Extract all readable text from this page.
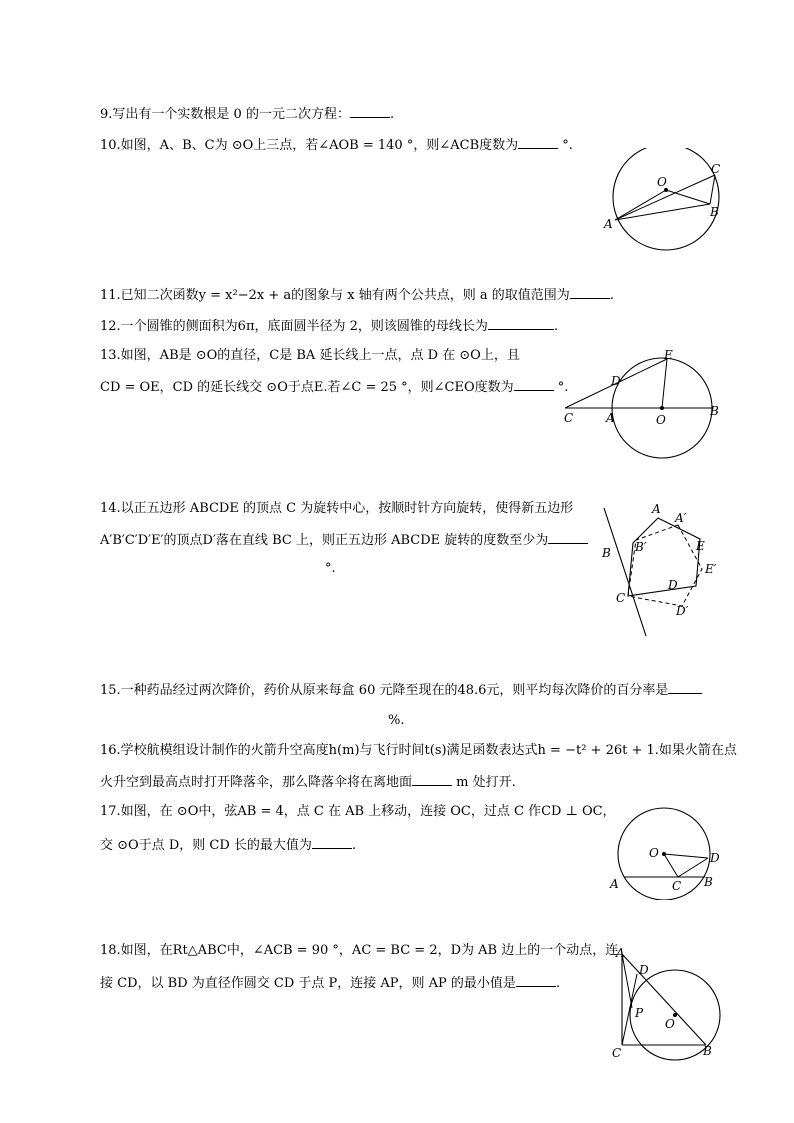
9.写出有一个实数根是 0 的一元二次方程：	.
10.如图，A、B、C为 ⊙O上三点，若∠AOB = 140 °，则∠ACB度数为	°.
O
A
B
C
11.已知二次函数y = x²−2x + a的图象与 x 轴有两个公共点，则 a 的取值范围为	.
12.一个圆锥的侧面积为6π，底面圆半径为 2，则该圆锥的母线长为	.
13.如图，AB是 ⊙O的直径，C是 BA 延长线上一点，点 D 在 ⊙O上，且
CD = OE，CD 的延长线交 ⊙O于点E.若∠C = 25 °，则∠CEO度数为	°.
E
D
C	A	O
B
14.以正五边形 ABCDE 的顶点 C 为旋转中心，按顺时针方向旋转，使得新五边形
A′B′C′D′E′的顶点D′落在直线 BC 上，则正五边形 ABCDE 旋转的度数至少为
°.
A
A′
B B′	E
E′
C
D
D′
15.一种药品经过两次降价，药价从原来每盒 60 元降至现在的48.6元，则平均每次降价的百分率是
%.
16.学校航模组设计制作的火箭升空高度h(m)与飞行时间t(s)满足函数表达式h = −t² + 26t + 1.如果火箭在点
火升空到最高点时打开降落伞，那么降落伞将在离地面	m 处打开.
17.如图，在 ⊙O中，弦AB = 4，点 C 在 AB 上移动，连接 OC，过点 C 作CD ⊥ OC，
交 ⊙O于点 D，则 CD 长的最大值为	.	O	D
A	C B
18.如图，在Rt△ABC中，∠ACB = 90 °，AC = BC = 2，D为 AB 边上的一个动点，连
接 CD，以 BD 为直径作圆交 CD 于点 P，连接 AP，则 AP 的最小值是	.
A
D
P
O
C	B
